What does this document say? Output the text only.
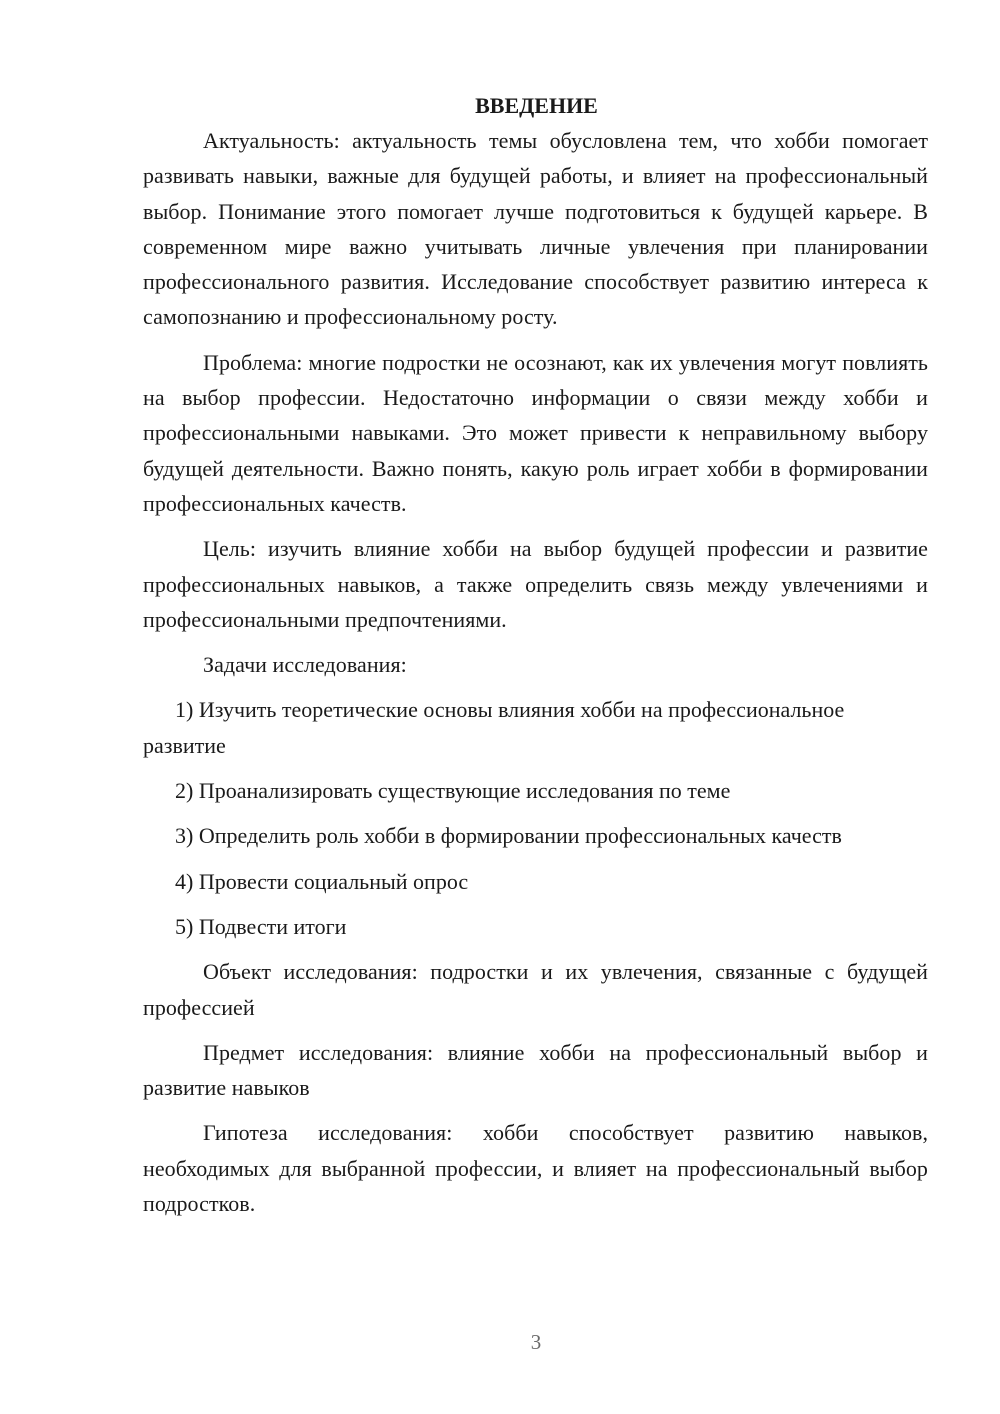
ВВЕДЕНИЕ

Актуальность: актуальность темы обусловлена тем, что хобби помогает развивать навыки, важные для будущей работы, и влияет на профессиональный выбор. Понимание этого помогает лучше подготовиться к будущей карьере. В современном мире важно учитывать личные увлечения при планировании профессионального развития. Исследование способствует развитию интереса к самопознанию и профессиональному росту.

Проблема: многие подростки не осознают, как их увлечения могут повлиять на выбор профессии. Недостаточно информации о связи между хобби и профессиональными навыками. Это может привести к неправильному выбору будущей деятельности. Важно понять, какую роль играет хобби в формировании профессиональных качеств.

Цель: изучить влияние хобби на выбор будущей профессии и развитие профессиональных навыков, а также определить связь между увлечениями и профессиональными предпочтениями.

Задачи исследования:

1) Изучить теоретические основы влияния хобби на профессиональное развитие

2) Проанализировать существующие исследования по теме

3) Определить роль хобби в формировании профессиональных качеств

4) Провести социальный опрос

5) Подвести итоги

Объект исследования: подростки и их увлечения, связанные с будущей профессией

Предмет исследования: влияние хобби на профессиональный выбор и развитие навыков

Гипотеза исследования: хобби способствует развитию навыков, необходимых для выбранной профессии, и влияет на профессиональный выбор подростков.

3
